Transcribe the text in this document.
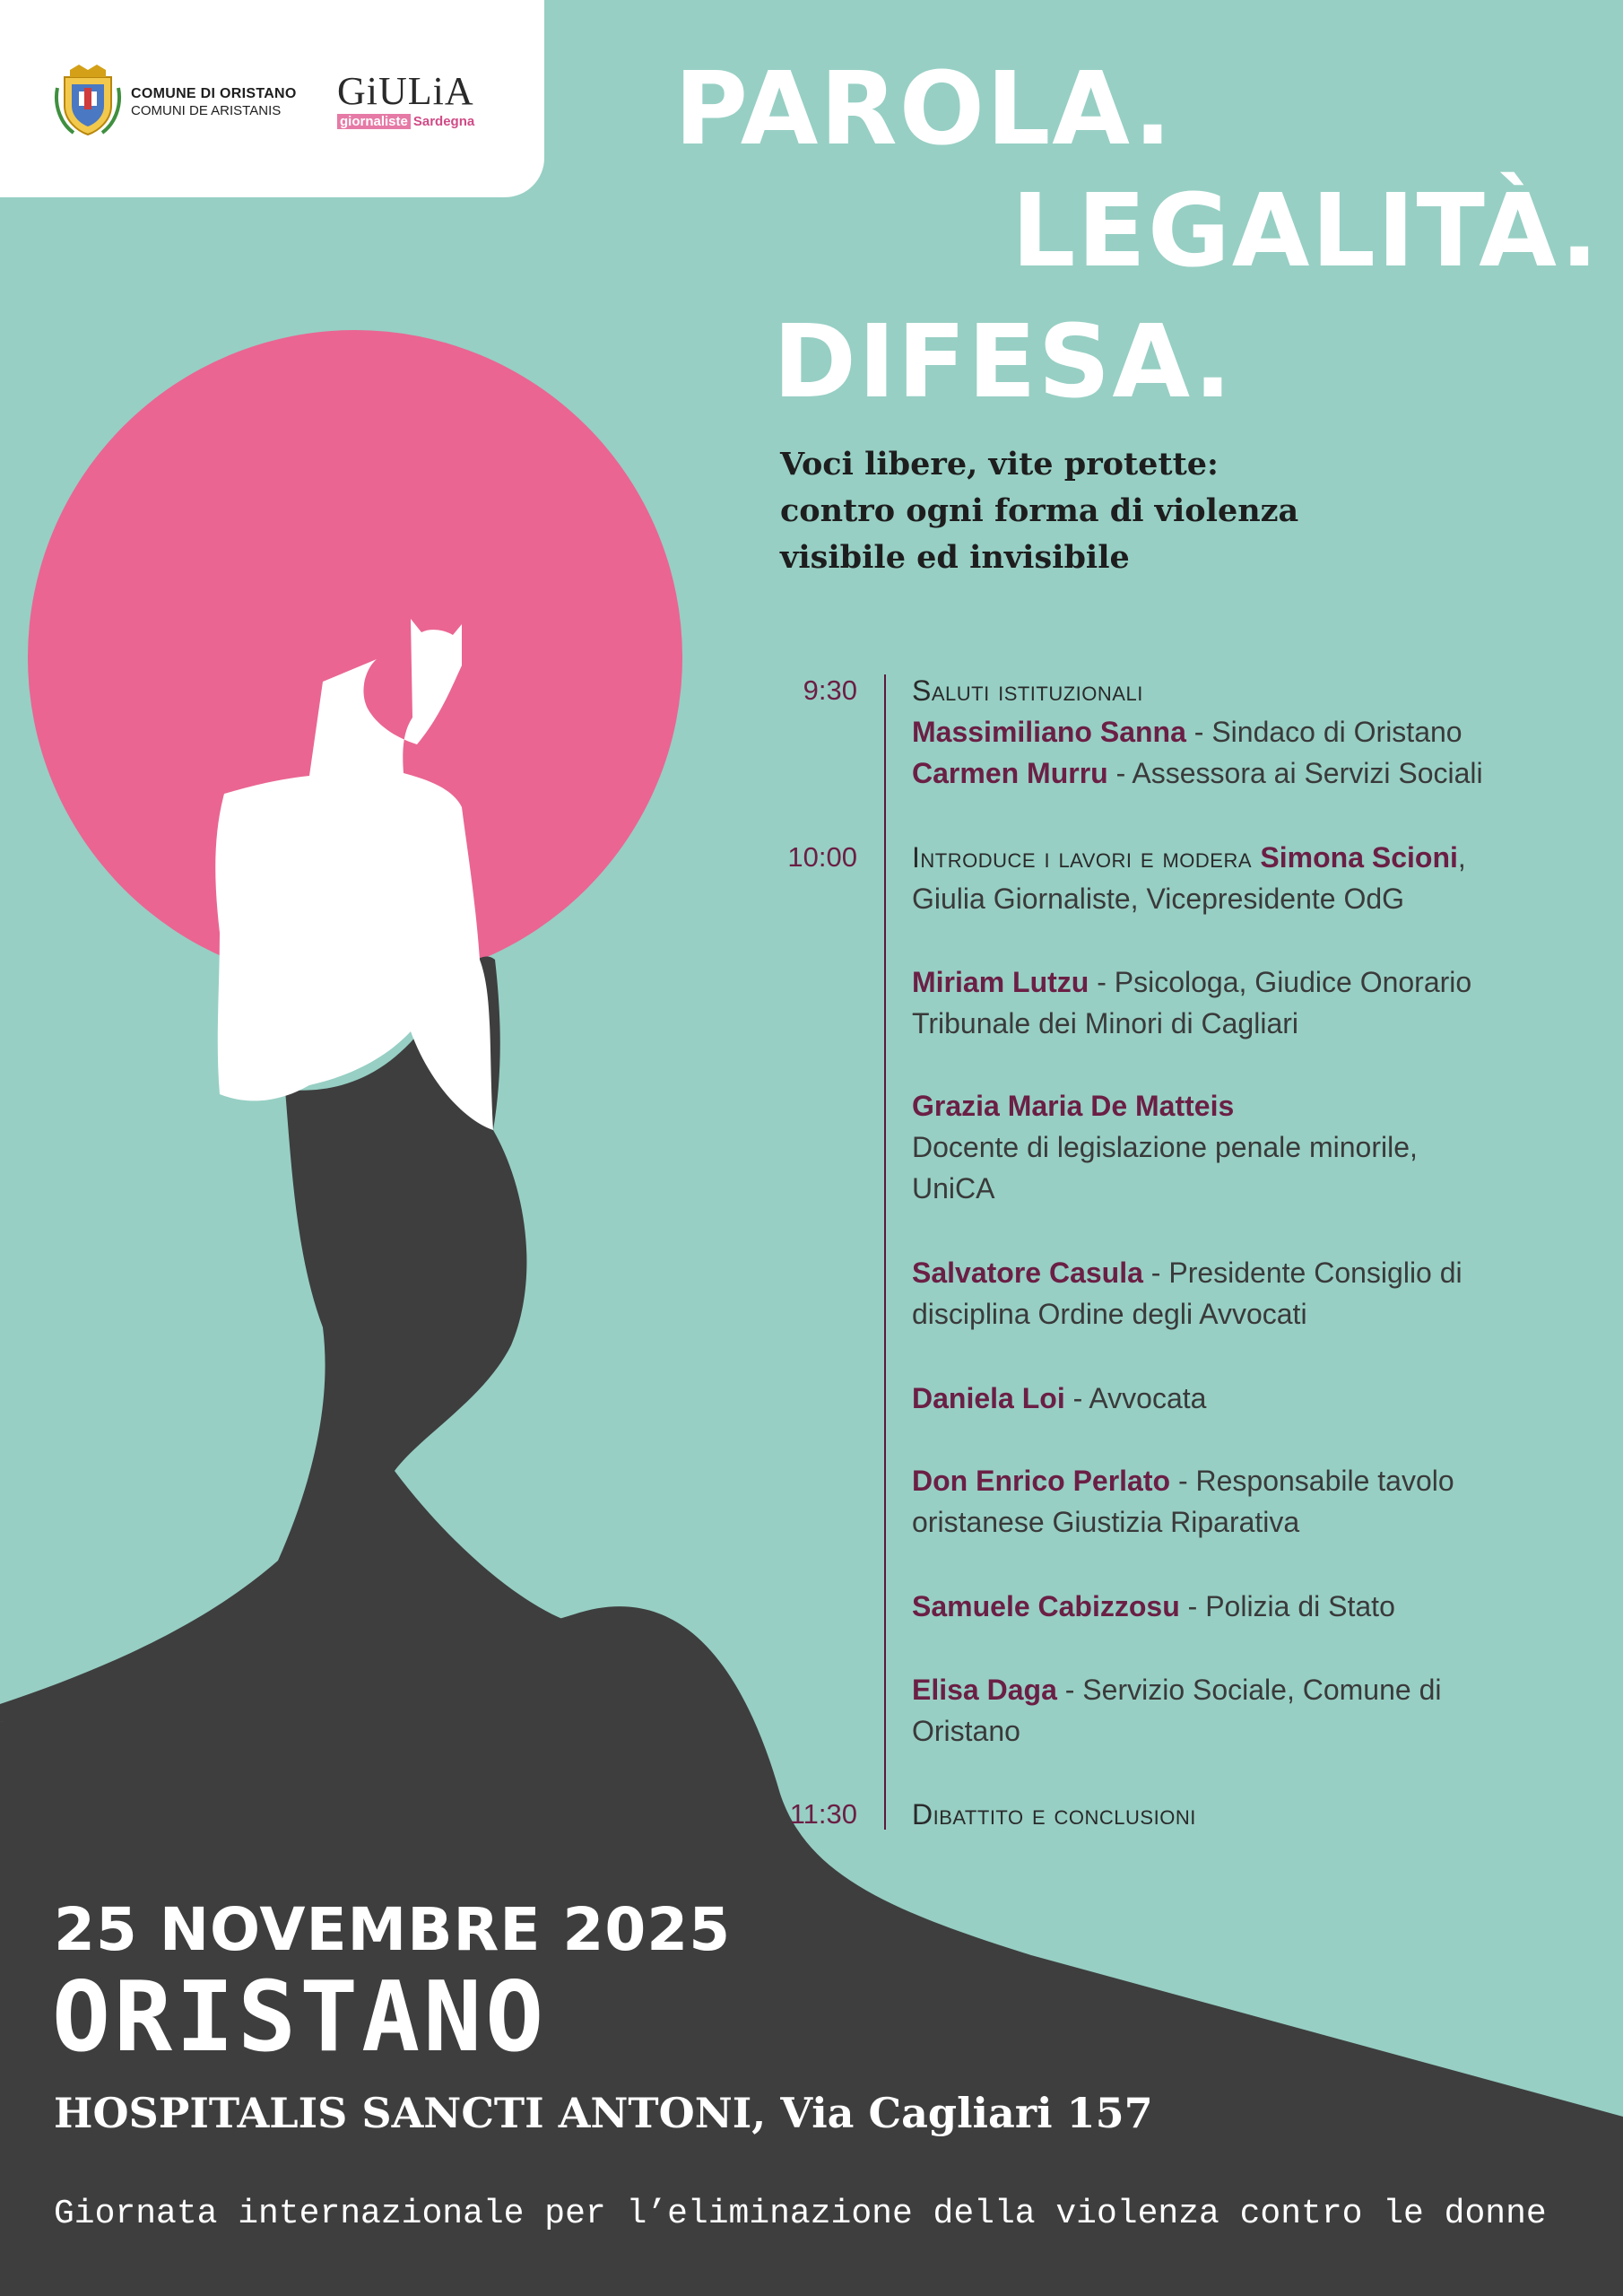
COMUNE DI ORISTANO
COMUNI DE ARISTANIS	GiULiA
giornaliste Sardegna PAROLA.
LEGALITÀ.
DIFESA.
Voci libere, vite protette:
contro ogni forma di violenza
visibile ed invisibile
9:30 Saluti istituzionali
Massimiliano Sanna - Sindaco di Oristano
Carmen Murru - Assessora ai Servizi Sociali
10:00 Introduce i lavori e modera Simona Scioni,
Giulia Giornaliste, Vicepresidente OdG
Miriam Lutzu - Psicologa, Giudice Onorario
Tribunale dei Minori di Cagliari
Grazia Maria De Matteis
Docente di legislazione penale minorile,
UniCA
Salvatore Casula - Presidente Consiglio di
disciplina Ordine degli Avvocati
Daniela Loi - Avvocata
Don Enrico Perlato - Responsabile tavolo
oristanese Giustizia Riparativa
Samuele Cabizzosu - Polizia di Stato
Elisa Daga - Servizio Sociale, Comune di
Oristano
11:30 Dibattito e conclusioni
25 NOVEMBRE 2025
ORISTANO
HOSPITALIS SANCTI ANTONI, Via Cagliari 157
Giornata internazionale per l’eliminazione della violenza contro le donne
